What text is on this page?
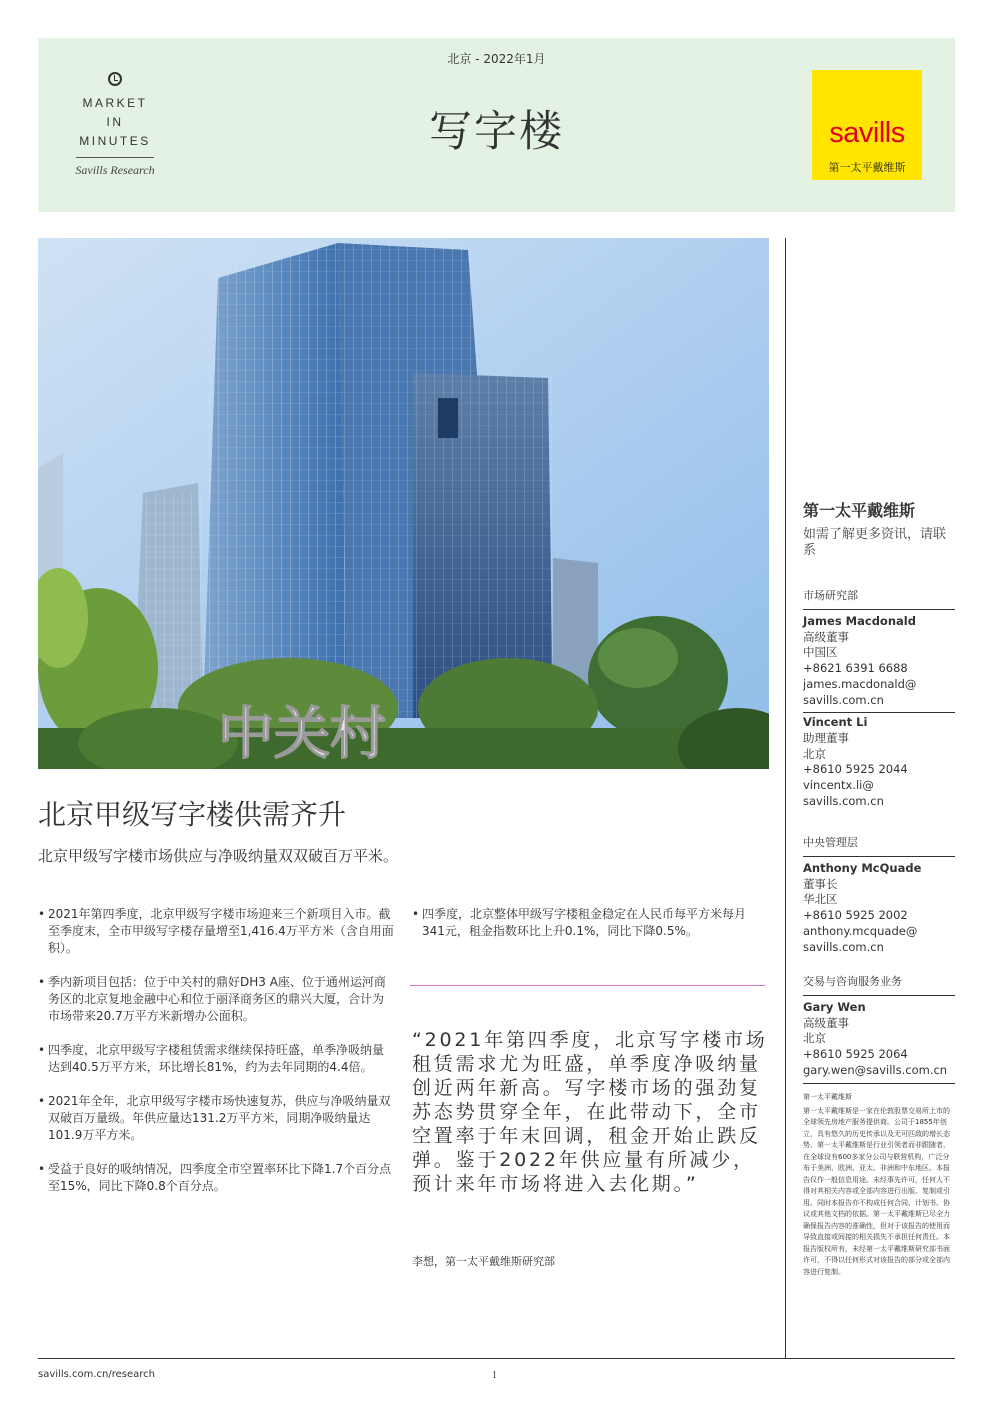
MARKET
IN
MINUTES
Savills Research
北京 - 2022年1月
写字楼	savills
第一太平戴维斯
中关村
北京甲级写字楼供需齐升
北京甲级写字楼市场供应与净吸纳量双双破百万平米。
• 2021年第四季度，北京甲级写字楼市场迎来三个新项目入市。截至季度末，全市甲级写字楼存量增至1,416.4万平方米（含自用面积）。
• 季内新项目包括：位于中关村的鼎好DH3 A座、位于通州运河商务区的北京复地金融中心和位于丽泽商务区的鼎兴大厦，合计为市场带来20.7万平方米新增办公面积。
• 四季度，北京甲级写字楼租赁需求继续保持旺盛，单季净吸纳量达到40.5万平方米，环比增长81%，约为去年同期的4.4倍。
• 2021年全年，北京甲级写字楼市场快速复苏，供应与净吸纳量双双破百万量级。年供应量达131.2万平方米，同期净吸纳量达101.9万平方米。
• 受益于良好的吸纳情况，四季度全市空置率环比下降1.7个百分点至15%，同比下降0.8个百分点。
• 四季度，北京整体甲级写字楼租金稳定在人民币每平方米每月341元，租金指数环比上升0.1%，同比下降0.5%。
“2021年第四季度，北京写字楼市场租赁需求尤为旺盛，单季度净吸纳量创近两年新高。写字楼市场的强劲复苏态势贯穿全年，在此带动下，全市空置率于年末回调，租金开始止跌反弹。鉴于2022年供应量有所减少，预计来年市场将进入去化期。”
李想，第一太平戴维斯研究部
第一太平戴维斯
如需了解更多资讯，请联系
市场研究部
James Macdonald
高级董事
中国区
+8621 6391 6688
james.macdonald@
savills.com.cn
Vincent Li
助理董事
北京
+8610 5925 2044
vincentx.li@
savills.com.cn
中央管理层
Anthony McQuade
董事长
华北区
+8610 5925 2002
anthony.mcquade@
savills.com.cn
交易与咨询服务业务
Gary Wen
高级董事
北京
+8610 5925 2064
gary.wen@savills.com.cn
第一太平戴维斯
第一太平戴维斯是一家在伦敦股票交易所上市的全球领先房地产服务提供商。公司于1855年创立，具有悠久的历史传承以及无可匹敌的增长态势。第一太平戴维斯是行业引领者而非跟随者，在全球设有600多家分公司与联营机构，广泛分布于美洲、欧洲、亚太、非洲和中东地区。本报告仅作一般信息用途。未经事先许可，任何人不得对其相关内容或全部内容进行出版、复制或引用。同时本报告亦不构成任何合同、计划书、协议或其他文档的依据。第一太平戴维斯已尽全力确保报告内容的准确性，但对于该报告的使用而导致直接或间接的相关损失不承担任何责任。本报告版权所有，未经第一太平戴维斯研究部书面许可，不得以任何形式对该报告的部分或全部内容进行复制。
savills.com.cn/research	1
